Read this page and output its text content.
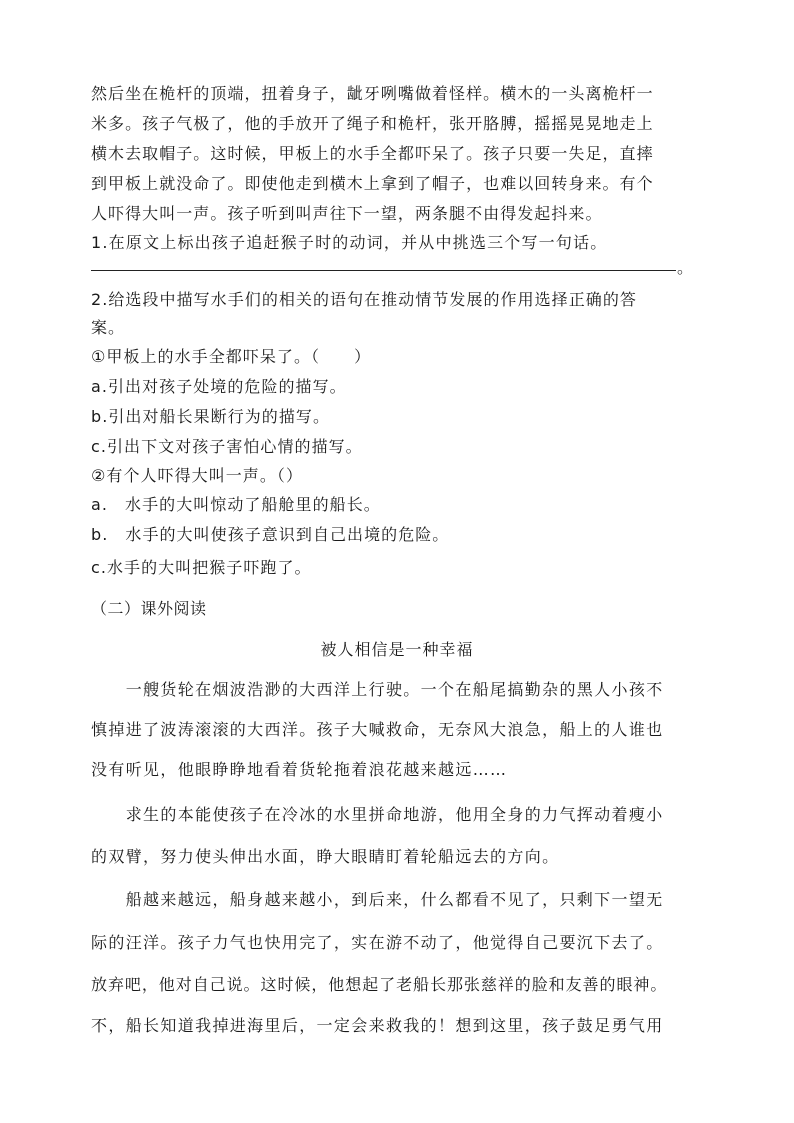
然后坐在桅杆的顶端，扭着身子，龇牙咧嘴做着怪样。横木的一头离桅杆一
米多。孩子气极了，他的手放开了绳子和桅杆，张开胳膊，摇摇晃晃地走上
横木去取帽子。这时候，甲板上的水手全都吓呆了。孩子只要一失足，直摔
到甲板上就没命了。即使他走到横木上拿到了帽子，也难以回转身来。有个
人吓得大叫一声。孩子听到叫声往下一望，两条腿不由得发起抖来。
1.在原文上标出孩子追赶猴子时的动词，并从中挑选三个写一句话。
。
2.给选段中描写水手们的相关的语句在推动情节发展的作用选择正确的答
案。
①甲板上的水手全都吓呆了。（　　）
a.引出对孩子处境的危险的描写。
b.引出对船长果断行为的描写。
c.引出下文对孩子害怕心情的描写。
②有个人吓得大叫一声。（）
a.　水手的大叫惊动了船舱里的船长。
b.　水手的大叫使孩子意识到自己出境的危险。
c.水手的大叫把猴子吓跑了。
（二）课外阅读
被人相信是一种幸福
　　一艘货轮在烟波浩渺的大西洋上行驶。一个在船尾搞勤杂的黑人小孩不
慎掉进了波涛滚滚的大西洋。孩子大喊救命，无奈风大浪急，船上的人谁也
没有听见，他眼睁睁地看着货轮拖着浪花越来越远……
　　求生的本能使孩子在冷冰的水里拼命地游，他用全身的力气挥动着瘦小
的双臂，努力使头伸出水面，睁大眼睛盯着轮船远去的方向。
　　船越来越远，船身越来越小，到后来，什么都看不见了，只剩下一望无
际的汪洋。孩子力气也快用完了，实在游不动了，他觉得自己要沉下去了。
放弃吧，他对自己说。这时候，他想起了老船长那张慈祥的脸和友善的眼神。
不，船长知道我掉进海里后，一定会来救我的！想到这里，孩子鼓足勇气用
